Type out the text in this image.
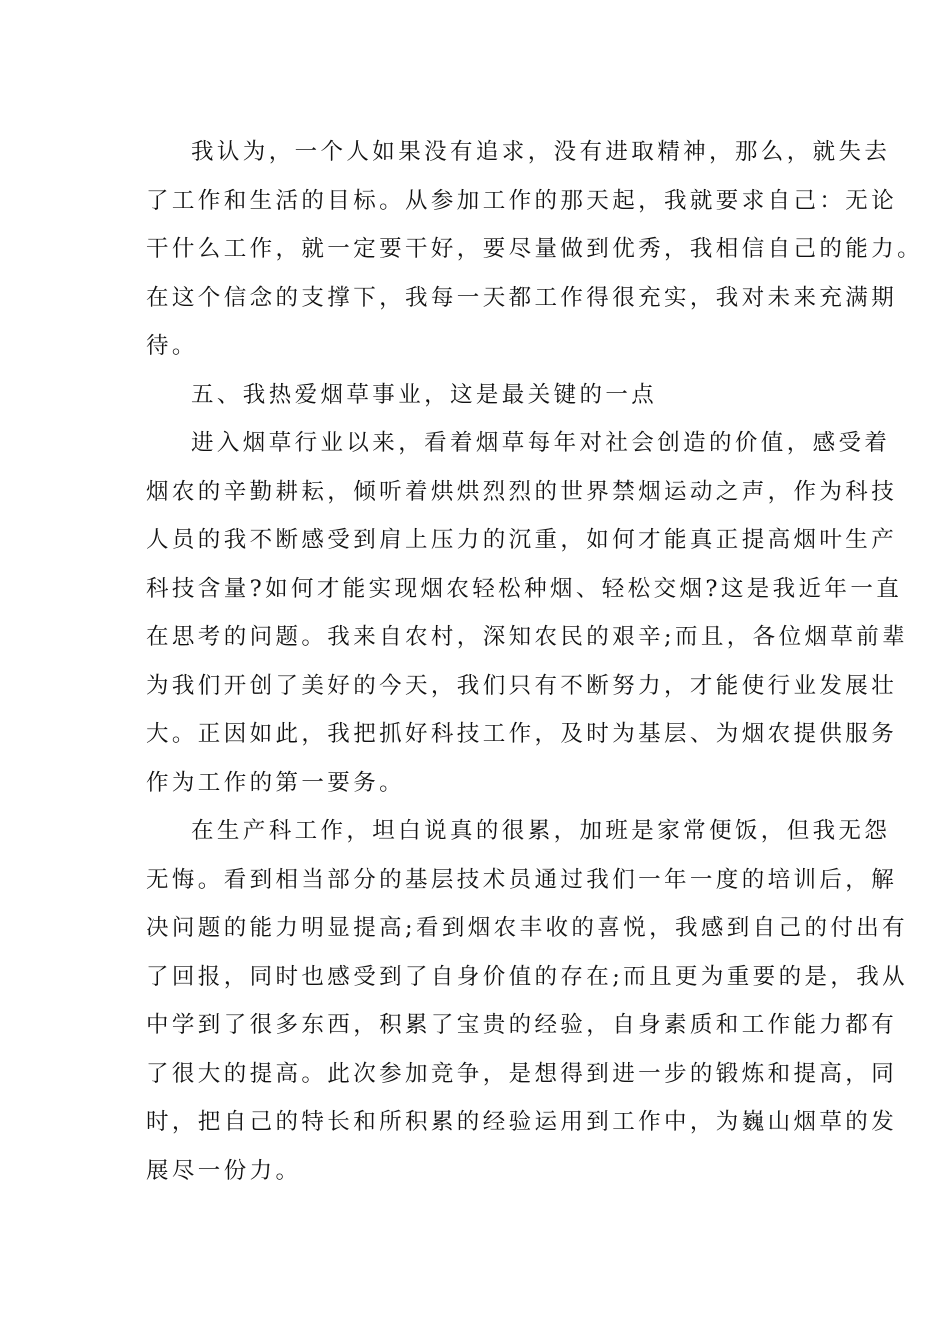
我认为，一个人如果没有追求，没有进取精神，那么，就失去
了工作和生活的目标。从参加工作的那天起，我就要求自己：无论
干什么工作，就一定要干好，要尽量做到优秀，我相信自己的能力。
在这个信念的支撑下，我每一天都工作得很充实，我对未来充满期
待。
五、我热爱烟草事业，这是最关键的一点
进入烟草行业以来，看着烟草每年对社会创造的价值，感受着
烟农的辛勤耕耘，倾听着烘烘烈烈的世界禁烟运动之声，作为科技
人员的我不断感受到肩上压力的沉重，如何才能真正提高烟叶生产
科技含量?如何才能实现烟农轻松种烟、轻松交烟?这是我近年一直
在思考的问题。我来自农村，深知农民的艰辛;而且，各位烟草前辈
为我们开创了美好的今天，我们只有不断努力，才能使行业发展壮
大。正因如此，我把抓好科技工作，及时为基层、为烟农提供服务
作为工作的第一要务。
在生产科工作，坦白说真的很累，加班是家常便饭，但我无怨
无悔。看到相当部分的基层技术员通过我们一年一度的培训后，解
决问题的能力明显提高;看到烟农丰收的喜悦，我感到自己的付出有
了回报，同时也感受到了自身价值的存在;而且更为重要的是，我从
中学到了很多东西，积累了宝贵的经验，自身素质和工作能力都有
了很大的提高。此次参加竞争，是想得到进一步的锻炼和提高，同
时，把自己的特长和所积累的经验运用到工作中，为巍山烟草的发
展尽一份力。
